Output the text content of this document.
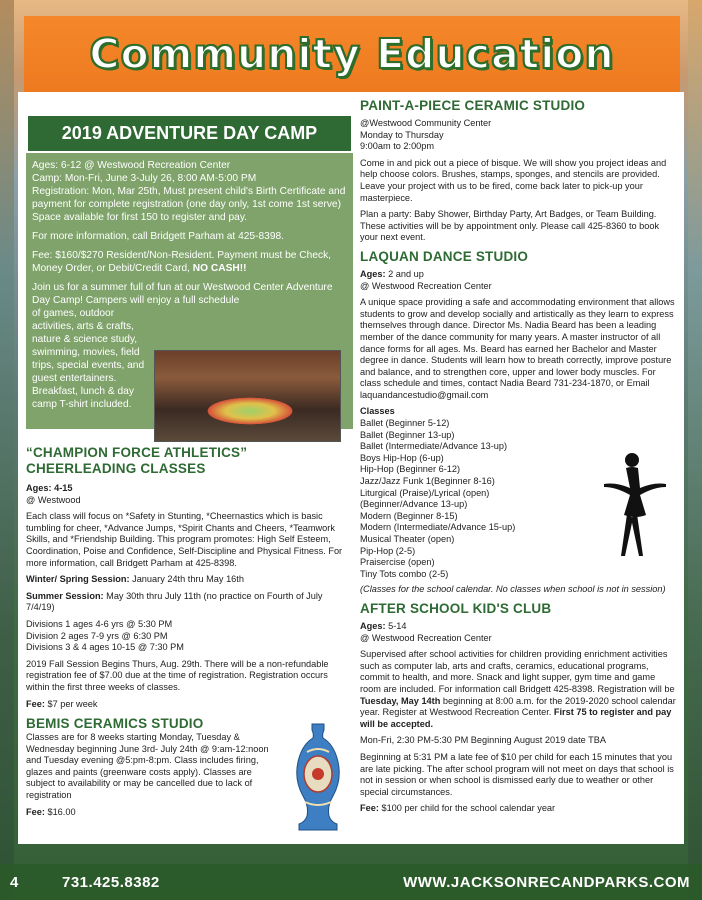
Community Education
2019 ADVENTURE DAY CAMP

Ages: 6-12 @ Westwood Recreation Center
Camp: Mon-Fri, June 3-July 26, 8:00 AM-5:00 PM
Registration: Mon, Mar 25th, Must present child's Birth Certificate and payment for complete registration (one day only, 1st come 1st serve) Space available for first 150 to register and pay.

For more information, call Bridgett Parham at 425-8398.

Fee: $160/$270 Resident/Non-Resident. Payment must be Check, Money Order, or Debit/Credit Card, NO CASH!!

Join us for a summer full of fun at our Westwood Center Adventure Day Camp! Campers will enjoy a full schedule

of games, outdoor activities, arts & crafts, nature & science study, swimming, movies, field trips, special events, and guest entertainers. Breakfast, lunch & day camp T-shirt included.

“CHAMPION FORCE ATHLETICS” CHEERLEADING CLASSES
Ages: 4-15

@ Westwood

Each class will focus on *Safety in Stunting, *Cheernastics which is basic tumbling for cheer, *Advance Jumps, *Spirit Chants and Cheers, *Teamwork Skills, and *Friendship Building. This program promotes: High Self Esteem, Coordination, Poise and Confidence, Self-Discipline and Physical Fitness. For more information, call Bridgett Parham at 425-8398.

Winter/ Spring Session: January 24th thru May 16th

Summer Session: May 30th thru July 11th (no practice on Fourth of July 7/4/19)

Divisions 1 ages 4-6 yrs @ 5:30 PM
Division 2 ages 7-9 yrs @ 6:30 PM

Divisions 3 & 4 ages 10-15 @ 7:30 PM

2019 Fall Session Begins Thurs, Aug. 29th. There will be a non-refundable registration fee of $7.00 due at the time of registration. Registration occurs within the first three weeks of classes.

Fee: $7 per week

BEMIS CERAMICS STUDIO

Classes are for 8 weeks starting Monday, Tuesday & Wednesday beginning June 3rd- July 24th @ 9:am-12:noon and Tuesday evening @5:pm-8:pm. Class includes firing, glazes and paints (greenware costs apply). Classes are subject to availability or may be cancelled due to lack of registration

Fee: $16.00

PAINT-A-PIECE CERAMIC STUDIO
@Westwood Community Center
Monday to Thursday

9:00am to 2:00pm

Come in and pick out a piece of bisque. We will show you project ideas and help choose colors. Brushes, stamps, sponges, and stencils are provided. Leave your project with us to be fired, come back later to pick-up your masterpiece.

Plan a party: Baby Shower, Birthday Party, Art Badges, or Team Building. These activities will be by appointment only. Please call 425-8360 to book your next event.

LAQUAN DANCE STUDIO
Ages: 2 and up

@ Westwood Recreation Center

A unique space providing a safe and accommodating environment that allows students to grow and develop socially and artistically as they learn to express themselves through dance. Director Ms. Nadia Beard has been a leading member of the dance community for many years. A master instructor of all dance forms for all ages. Ms. Beard has earned her Bachelor and Master degree in dance. Students will learn how to breath correctly, improve posture and balance, and to strengthen core, upper and lower body muscles. For class schedule and times, contact Nadia Beard 731-234-1870, or Email laquandancestudio@gmail.com

Classes
Ballet (Beginner 5-12)
Ballet (Beginner 13-up)
Ballet (Intermediate/Advance 13-up)
Boys Hip-Hop (6-up)
Hip-Hop (Beginner 6-12)
Jazz/Jazz Funk 1(Beginner 8-16)
Liturgical (Praise)/Lyrical (open)
(Beginner/Advance 13-up)
Modern (Beginner 8-15)
Modern (Intermediate/Advance 15-up)
Musical Theater (open)
Pip-Hop (2-5)
Praisercise (open)
Tiny Tots combo (2-5)

(Classes for the school calendar. No classes when school is not in session)

AFTER SCHOOL KID'S CLUB
Ages: 5-14

@ Westwood Recreation Center

Supervised after school activities for children providing enrichment activities such as computer lab, arts and crafts, ceramics, educational programs, commit to health, and more. Snack and light supper, gym time and game room are included. For information call Bridgett 425-8398. Registration will be Tuesday, May 14th beginning at 8:00 a.m. for the 2019-2020 school calendar year. Register at Westwood Recreation Center. First 75 to register and pay will be accepted.

Mon-Fri, 2:30 PM-5:30 PM Beginning August 2019 date TBA

Beginning at 5:31 PM a late fee of $10 per child for each 15 minutes that you are late picking. The after school program will not meet on days that school is not in session or when school is dismissed early due to weather or other special circumstances.

Fee: $100 per child for the school calendar year

4	731.425.8382	WWW.JACKSONRECANDPARKS.COM
